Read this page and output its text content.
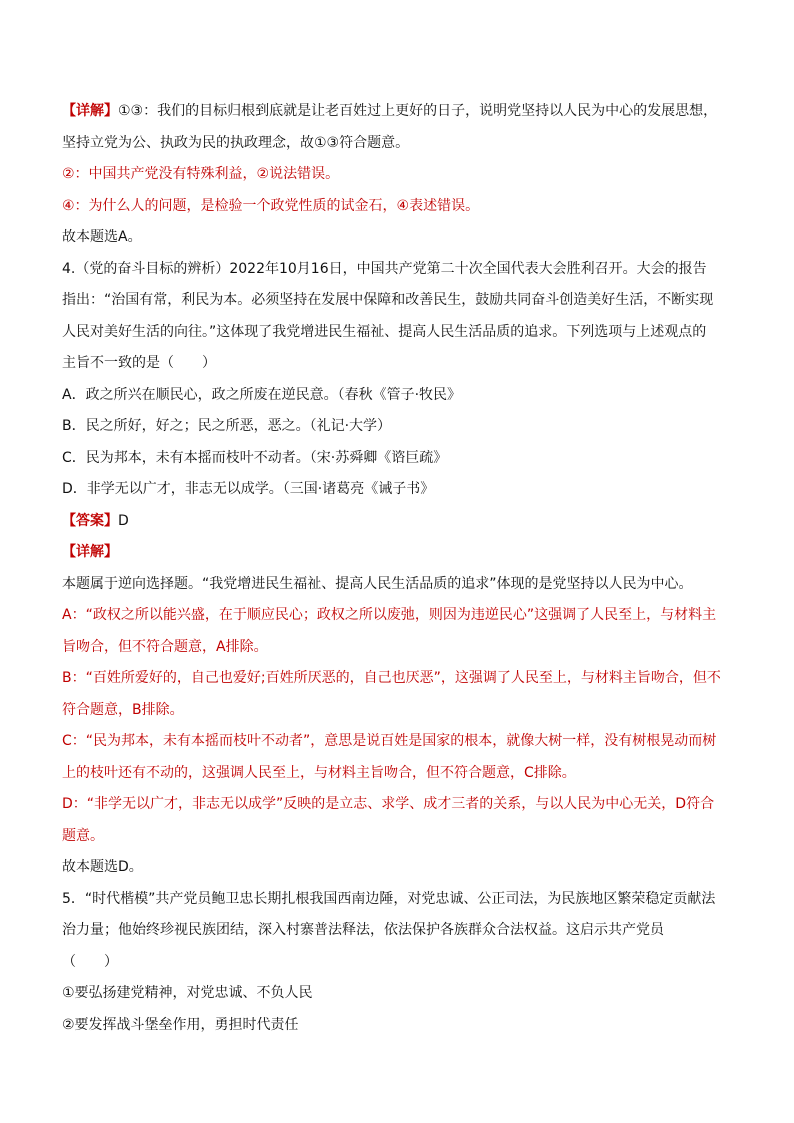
【详解】①③：我们的目标归根到底就是让老百姓过上更好的日子，说明党坚持以人民为中心的发展思想，
坚持立党为公、执政为民的执政理念，故①③符合题意。
②：中国共产党没有特殊利益，②说法错误。
④：为什么人的问题，是检验一个政党性质的试金石，④表述错误。
故本题选A。
4.（党的奋斗目标的辨析）2022年10月16日，中国共产党第二十次全国代表大会胜利召开。大会的报告
指出：“治国有常，利民为本。必须坚持在发展中保障和改善民生，鼓励共同奋斗创造美好生活，不断实现
人民对美好生活的向往。”这体现了我党增进民生福祉、提高人民生活品质的追求。下列选项与上述观点的
主旨不一致的是（　　）
A．政之所兴在顺民心，政之所废在逆民意。（春秋《管子·牧民》
B．民之所好，好之；民之所恶，恶之。（礼记·大学）
C．民为邦本，未有本摇而枝叶不动者。（宋·苏舜卿《谘巨疏》
D．非学无以广才，非志无以成学。（三国·诸葛亮《诫子书》
【答案】D
【详解】
本题属于逆向选择题。“我党增进民生福祉、提高人民生活品质的追求”体现的是党坚持以人民为中心。
A：“政权之所以能兴盛，在于顺应民心；政权之所以废弛，则因为违逆民心”这强调了人民至上，与材料主
旨吻合，但不符合题意，A排除。
B：“百姓所爱好的，自己也爱好;百姓所厌恶的，自己也厌恶”，这强调了人民至上，与材料主旨吻合，但不
符合题意，B排除。
C：“民为邦本，未有本摇而枝叶不动者”，意思是说百姓是国家的根本，就像大树一样，没有树根晃动而树
上的枝叶还有不动的，这强调人民至上，与材料主旨吻合，但不符合题意，C排除。
D：“非学无以广才，非志无以成学”反映的是立志、求学、成才三者的关系，与以人民为中心无关，D符合
题意。
故本题选D。
5．“时代楷模”共产党员鲍卫忠长期扎根我国西南边陲，对党忠诚、公正司法，为民族地区繁荣稳定贡献法
治力量；他始终珍视民族团结，深入村寨普法释法，依法保护各族群众合法权益。这启示共产党员
（　　）
①要弘扬建党精神，对党忠诚、不负人民
②要发挥战斗堡垒作用，勇担时代责任
